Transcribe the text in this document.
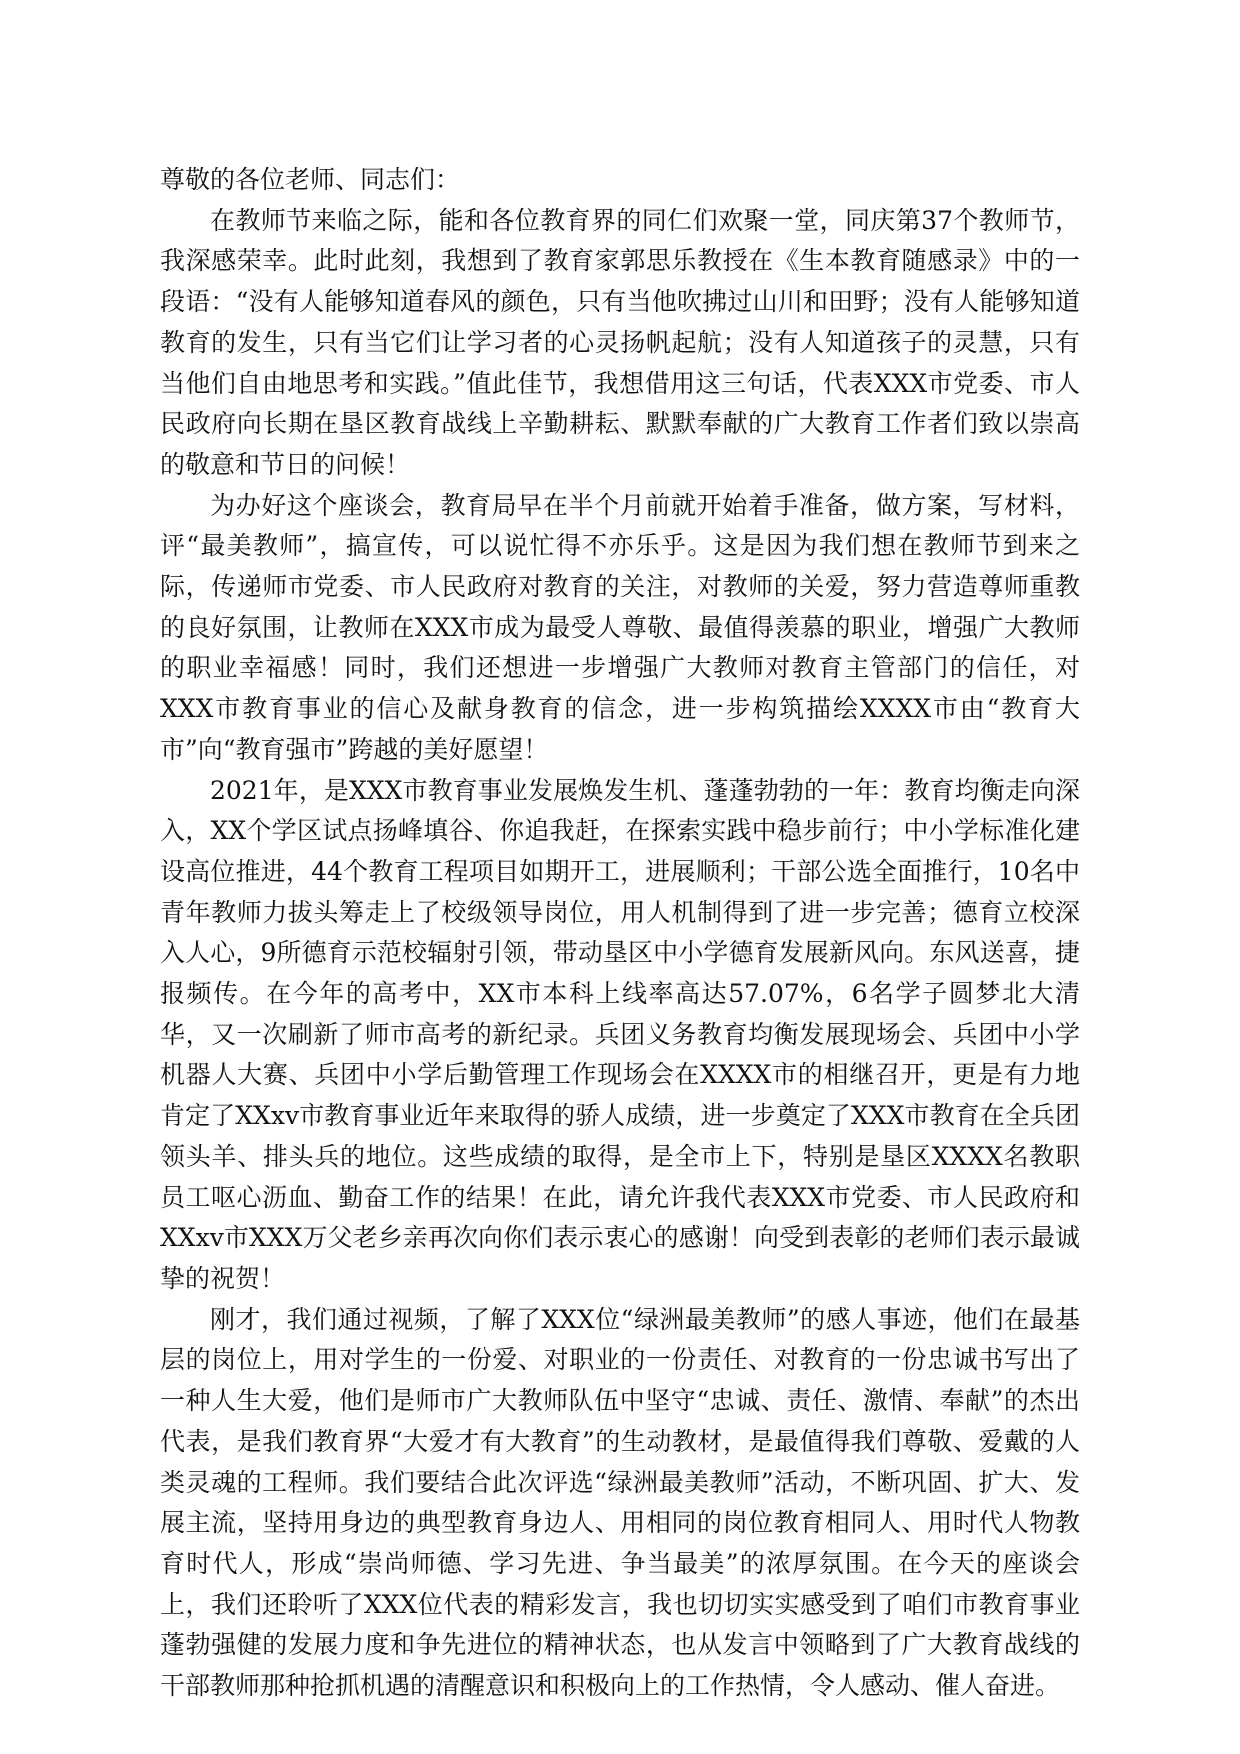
尊敬的各位老师、同志们：

在教师节来临之际，能和各位教育界的同仁们欢聚一堂，同庆第37个教师节，我深感荣幸。此时此刻，我想到了教育家郭思乐教授在《生本教育随感录》中的一段语：“没有人能够知道春风的颜色，只有当他吹拂过山川和田野；没有人能够知道教育的发生，只有当它们让学习者的心灵扬帆起航；没有人知道孩子的灵慧，只有当他们自由地思考和实践。”值此佳节，我想借用这三句话，代表XXX市党委、市人民政府向长期在垦区教育战线上辛勤耕耘、默默奉献的广大教育工作者们致以崇高的敬意和节日的问候！

为办好这个座谈会，教育局早在半个月前就开始着手准备，做方案，写材料，评“最美教师”，搞宣传，可以说忙得不亦乐乎。这是因为我们想在教师节到来之际，传递师市党委、市人民政府对教育的关注，对教师的关爱，努力营造尊师重教的良好氛围，让教师在XXX市成为最受人尊敬、最值得羡慕的职业，增强广大教师的职业幸福感！同时，我们还想进一步增强广大教师对教育主管部门的信任，对XXX市教育事业的信心及献身教育的信念，进一步构筑描绘XXXX市由“教育大市”向“教育强市”跨越的美好愿望！

2021年，是XXX市教育事业发展焕发生机、蓬蓬勃勃的一年：教育均衡走向深入，XX个学区试点扬峰填谷、你追我赶，在探索实践中稳步前行；中小学标准化建设高位推进，44个教育工程项目如期开工，进展顺利；干部公选全面推行，10名中青年教师力拔头筹走上了校级领导岗位，用人机制得到了进一步完善；德育立校深入人心，9所德育示范校辐射引领，带动垦区中小学德育发展新风向。东风送喜，捷报频传。在今年的高考中，XX市本科上线率高达57.07%，6名学子圆梦北大清华，又一次刷新了师市高考的新纪录。兵团义务教育均衡发展现场会、兵团中小学机器人大赛、兵团中小学后勤管理工作现场会在XXXX市的相继召开，更是有力地肯定了XXxv市教育事业近年来取得的骄人成绩，进一步奠定了XXX市教育在全兵团领头羊、排头兵的地位。这些成绩的取得，是全市上下，特别是垦区XXXX名教职员工呕心沥血、勤奋工作的结果！在此，请允许我代表XXX市党委、市人民政府和XXxv市XXX万父老乡亲再次向你们表示衷心的感谢！向受到表彰的老师们表示最诚挚的祝贺！

刚才，我们通过视频，了解了XXX位“绿洲最美教师”的感人事迹，他们在最基层的岗位上，用对学生的一份爱、对职业的一份责任、对教育的一份忠诚书写出了一种人生大爱，他们是师市广大教师队伍中坚守“忠诚、责任、激情、奉献”的杰出代表，是我们教育界“大爱才有大教育”的生动教材，是最值得我们尊敬、爱戴的人类灵魂的工程师。我们要结合此次评选“绿洲最美教师”活动，不断巩固、扩大、发展主流，坚持用身边的典型教育身边人、用相同的岗位教育相同人、用时代人物教育时代人，形成“崇尚师德、学习先进、争当最美”的浓厚氛围。在今天的座谈会上，我们还聆听了XXX位代表的精彩发言，我也切切实实感受到了咱们市教育事业蓬勃强健的发展力度和争先进位的精神状态，也从发言中领略到了广大教育战线的干部教师那种抢抓机遇的清醒意识和积极向上的工作热情，令人感动、催人奋进。
